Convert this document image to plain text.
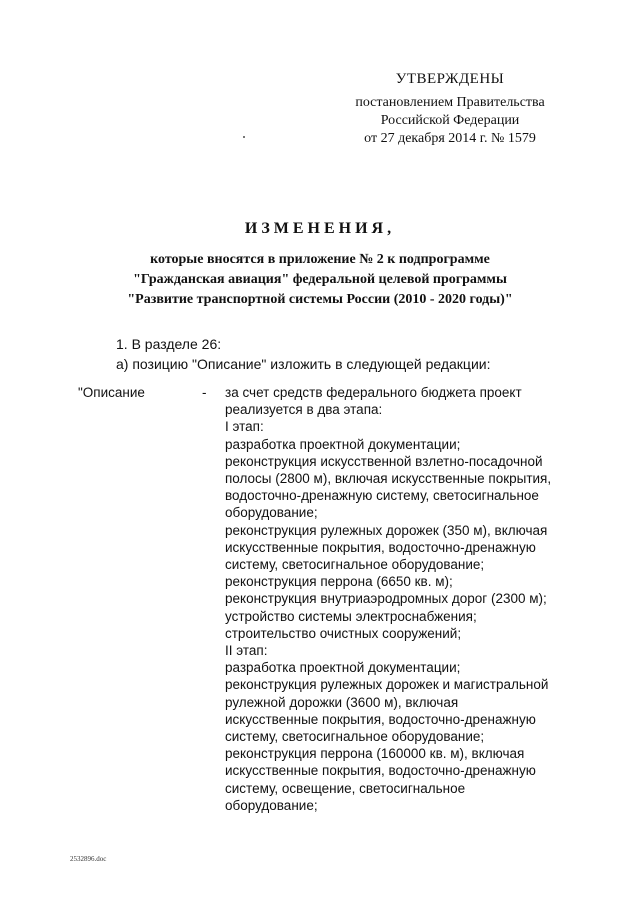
УТВЕРЖДЕНЫ
постановлением Правительства
Российской Федерации
от 27 декабря 2014 г. № 1579
ИЗМЕНЕНИЯ,
которые вносятся в приложение № 2 к подпрограмме
"Гражданская авиация" федеральной целевой программы
"Развитие транспортной системы России (2010 - 2020 годы)"
1. В разделе 26:
а) позицию "Описание" изложить в следующей редакции:
"Описание	- за счет средств федерального бюджета проект
реализуется в два этапа:
I этап:
разработка проектной документации;
реконструкция искусственной взлетно-посадочной
полосы (2800 м), включая искусственные покрытия,
водосточно-дренажную систему, светосигнальное
оборудование;
реконструкция рулежных дорожек (350 м), включая
искусственные покрытия, водосточно-дренажную
систему, светосигнальное оборудование;
реконструкция перрона (6650 кв. м);
реконструкция внутриаэродромных дорог (2300 м);
устройство системы электроснабжения;
строительство очистных сооружений;
II этап:
разработка проектной документации;
реконструкция рулежных дорожек и магистральной
рулежной дорожки (3600 м), включая
искусственные покрытия, водосточно-дренажную
систему, светосигнальное оборудование;
реконструкция перрона (160000 кв. м), включая
искусственные покрытия, водосточно-дренажную
систему, освещение, светосигнальное
оборудование;
2532896.doc
